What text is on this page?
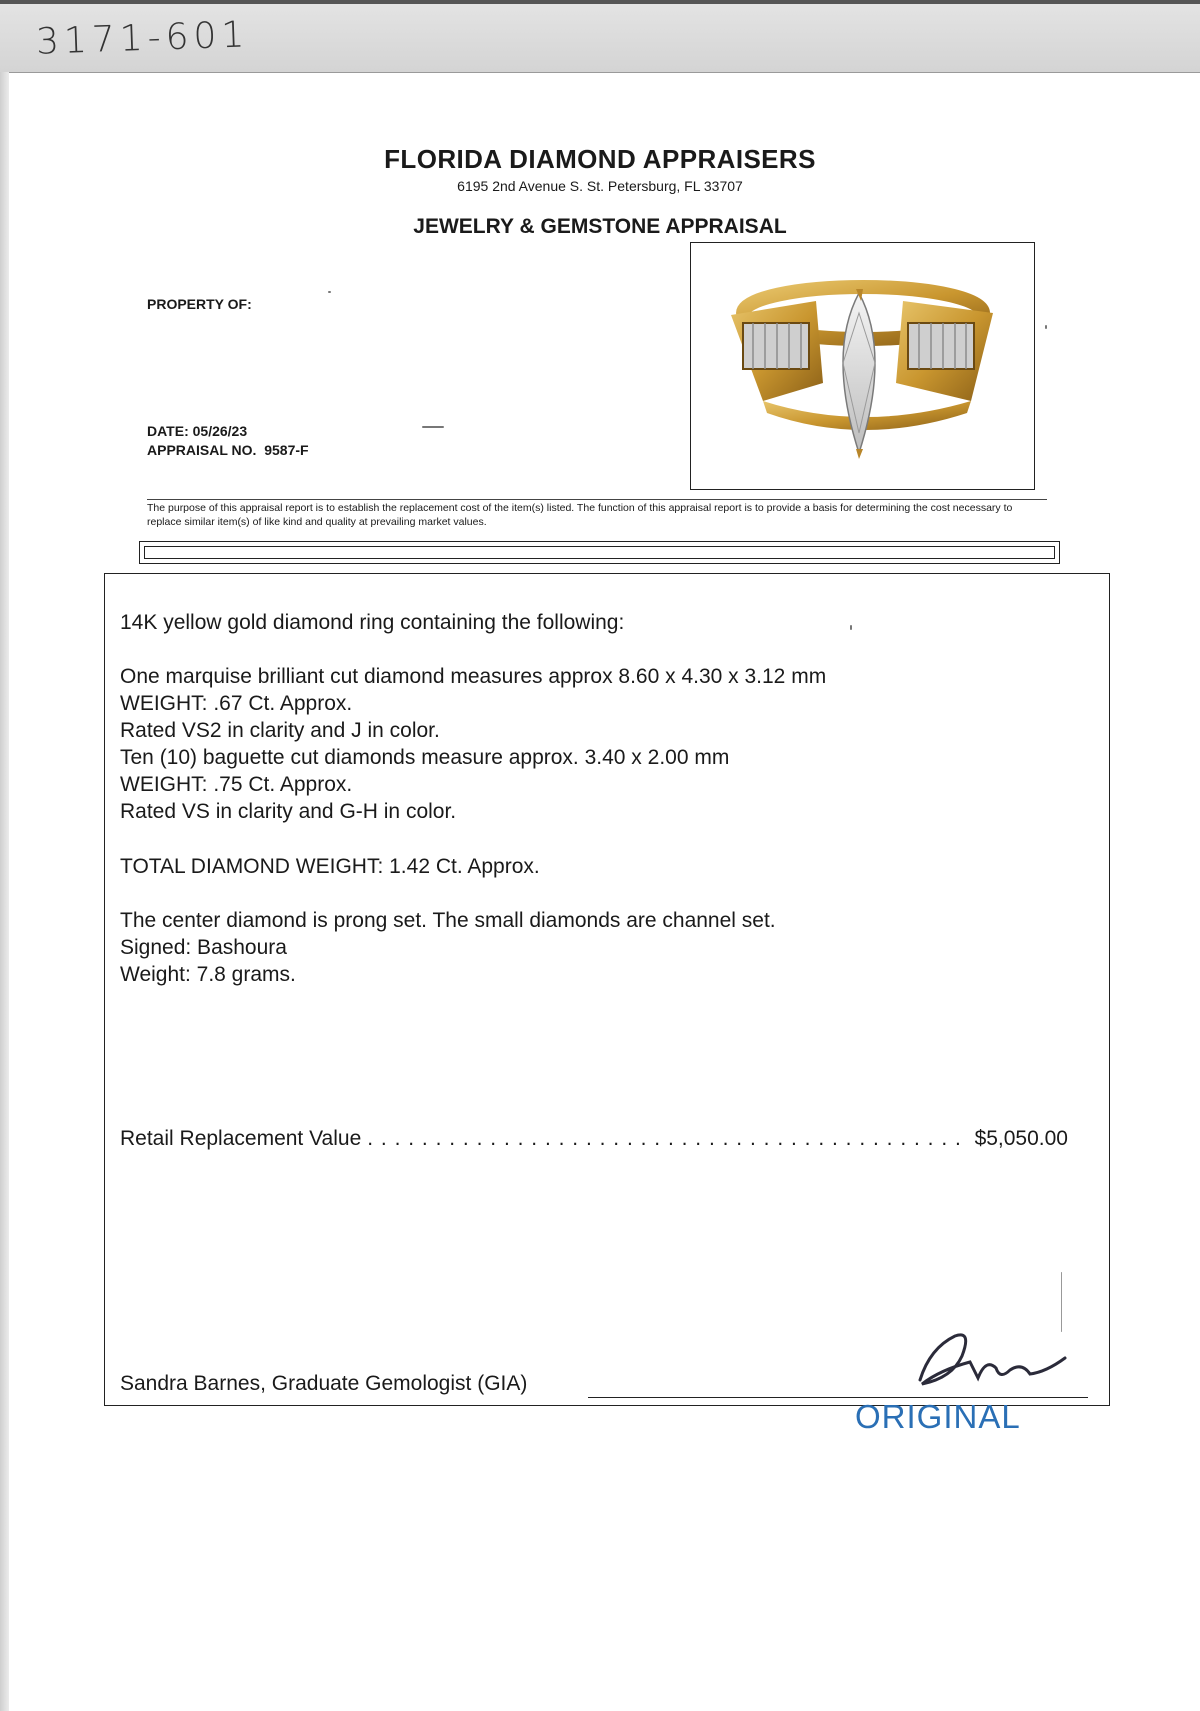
3171-601
FLORIDA DIAMOND APPRAISERS
6195 2nd Avenue S. St. Petersburg, FL 33707
JEWELRY & GEMSTONE APPRAISAL
PROPERTY OF:
DATE: 05/26/23
APPRAISAL NO. 9587-F
The purpose of this appraisal report is to establish the replacement cost of the item(s) listed. The function of this appraisal report is to provide a basis for determining the cost necessary to replace similar item(s) of like kind and quality at prevailing market values.
14K yellow gold diamond ring containing the following:
One marquise brilliant cut diamond measures approx 8.60 x 4.30 x 3.12 mm
WEIGHT: .67 Ct. Approx.
Rated VS2 in clarity and J in color.
Ten (10) baguette cut diamonds measure approx. 3.40 x 2.00 mm
WEIGHT: .75 Ct. Approx.
Rated VS in clarity and G-H in color.
TOTAL DIAMOND WEIGHT: 1.42 Ct. Approx.
The center diamond is prong set. The small diamonds are channel set.
Signed: Bashoura
Weight: 7.8 grams.
Retail Replacement Value
. . .	$5,050.00
Sandra Barnes, Graduate Gemologist (GIA)
ORIGINAL
